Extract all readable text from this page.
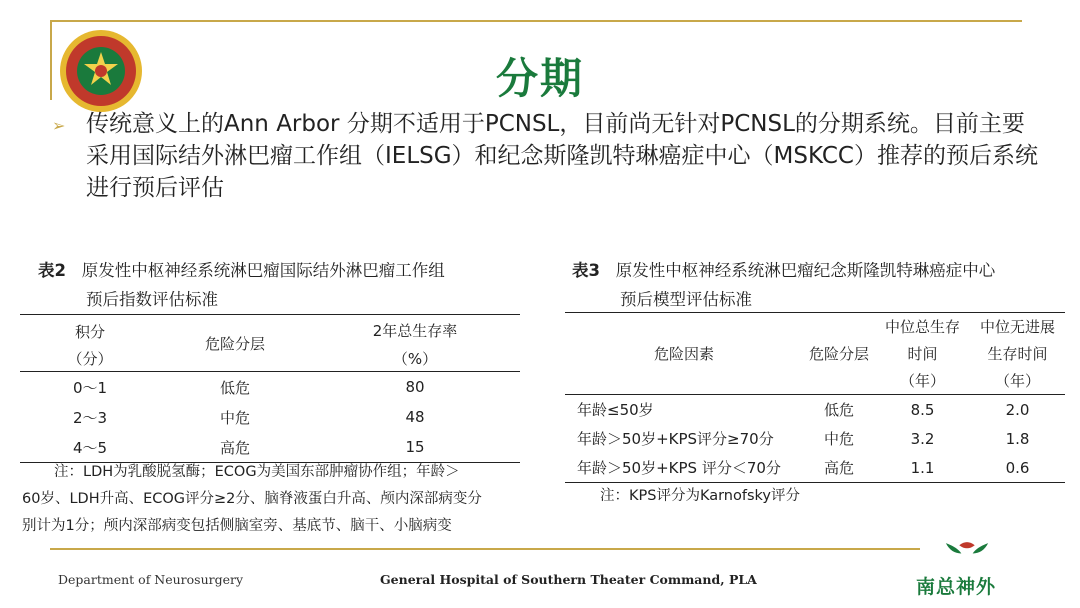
分期
➢ 传统意义上的Ann Arbor 分期不适用于PCNSL，目前尚无针对PCNSL的分期系统。目前主要采用国际结外淋巴瘤工作组（IELSG）和纪念斯隆凯特琳癌症中心（MSKCC）推荐的预后系统进行预后评估
表2 原发性中枢神经系统淋巴瘤国际结外淋巴瘤工作组
预后指数评估标准
积分	危险分层	2年总生存率
（分）		（%）
0～1	低危	80
2～3	中危	48
4～5	高危	15
注：LDH为乳酸脱氢酶；ECOG为美国东部肿瘤协作组；年龄＞
60岁、LDH升高、ECOG评分≥2分、脑脊液蛋白升高、颅内深部病变分
别计为1分；颅内深部病变包括侧脑室旁、基底节、脑干、小脑病变
表3 原发性中枢神经系统淋巴瘤纪念斯隆凯特琳癌症中心
预后模型评估标准
危险因素	危险分层	中位总生存	中位无进展
		时间	生存时间
		（年）	（年）
年龄≤50岁	低危	8.5	2.0
年龄＞50岁+KPS评分≥70分	中危	3.2	1.8
年龄＞50岁+KPS 评分＜70分	高危	1.1	0.6
注：KPS评分为Karnofsky评分
Department of Neurosurgery	General Hospital of Southern Theater Command, PLA	南总神外
